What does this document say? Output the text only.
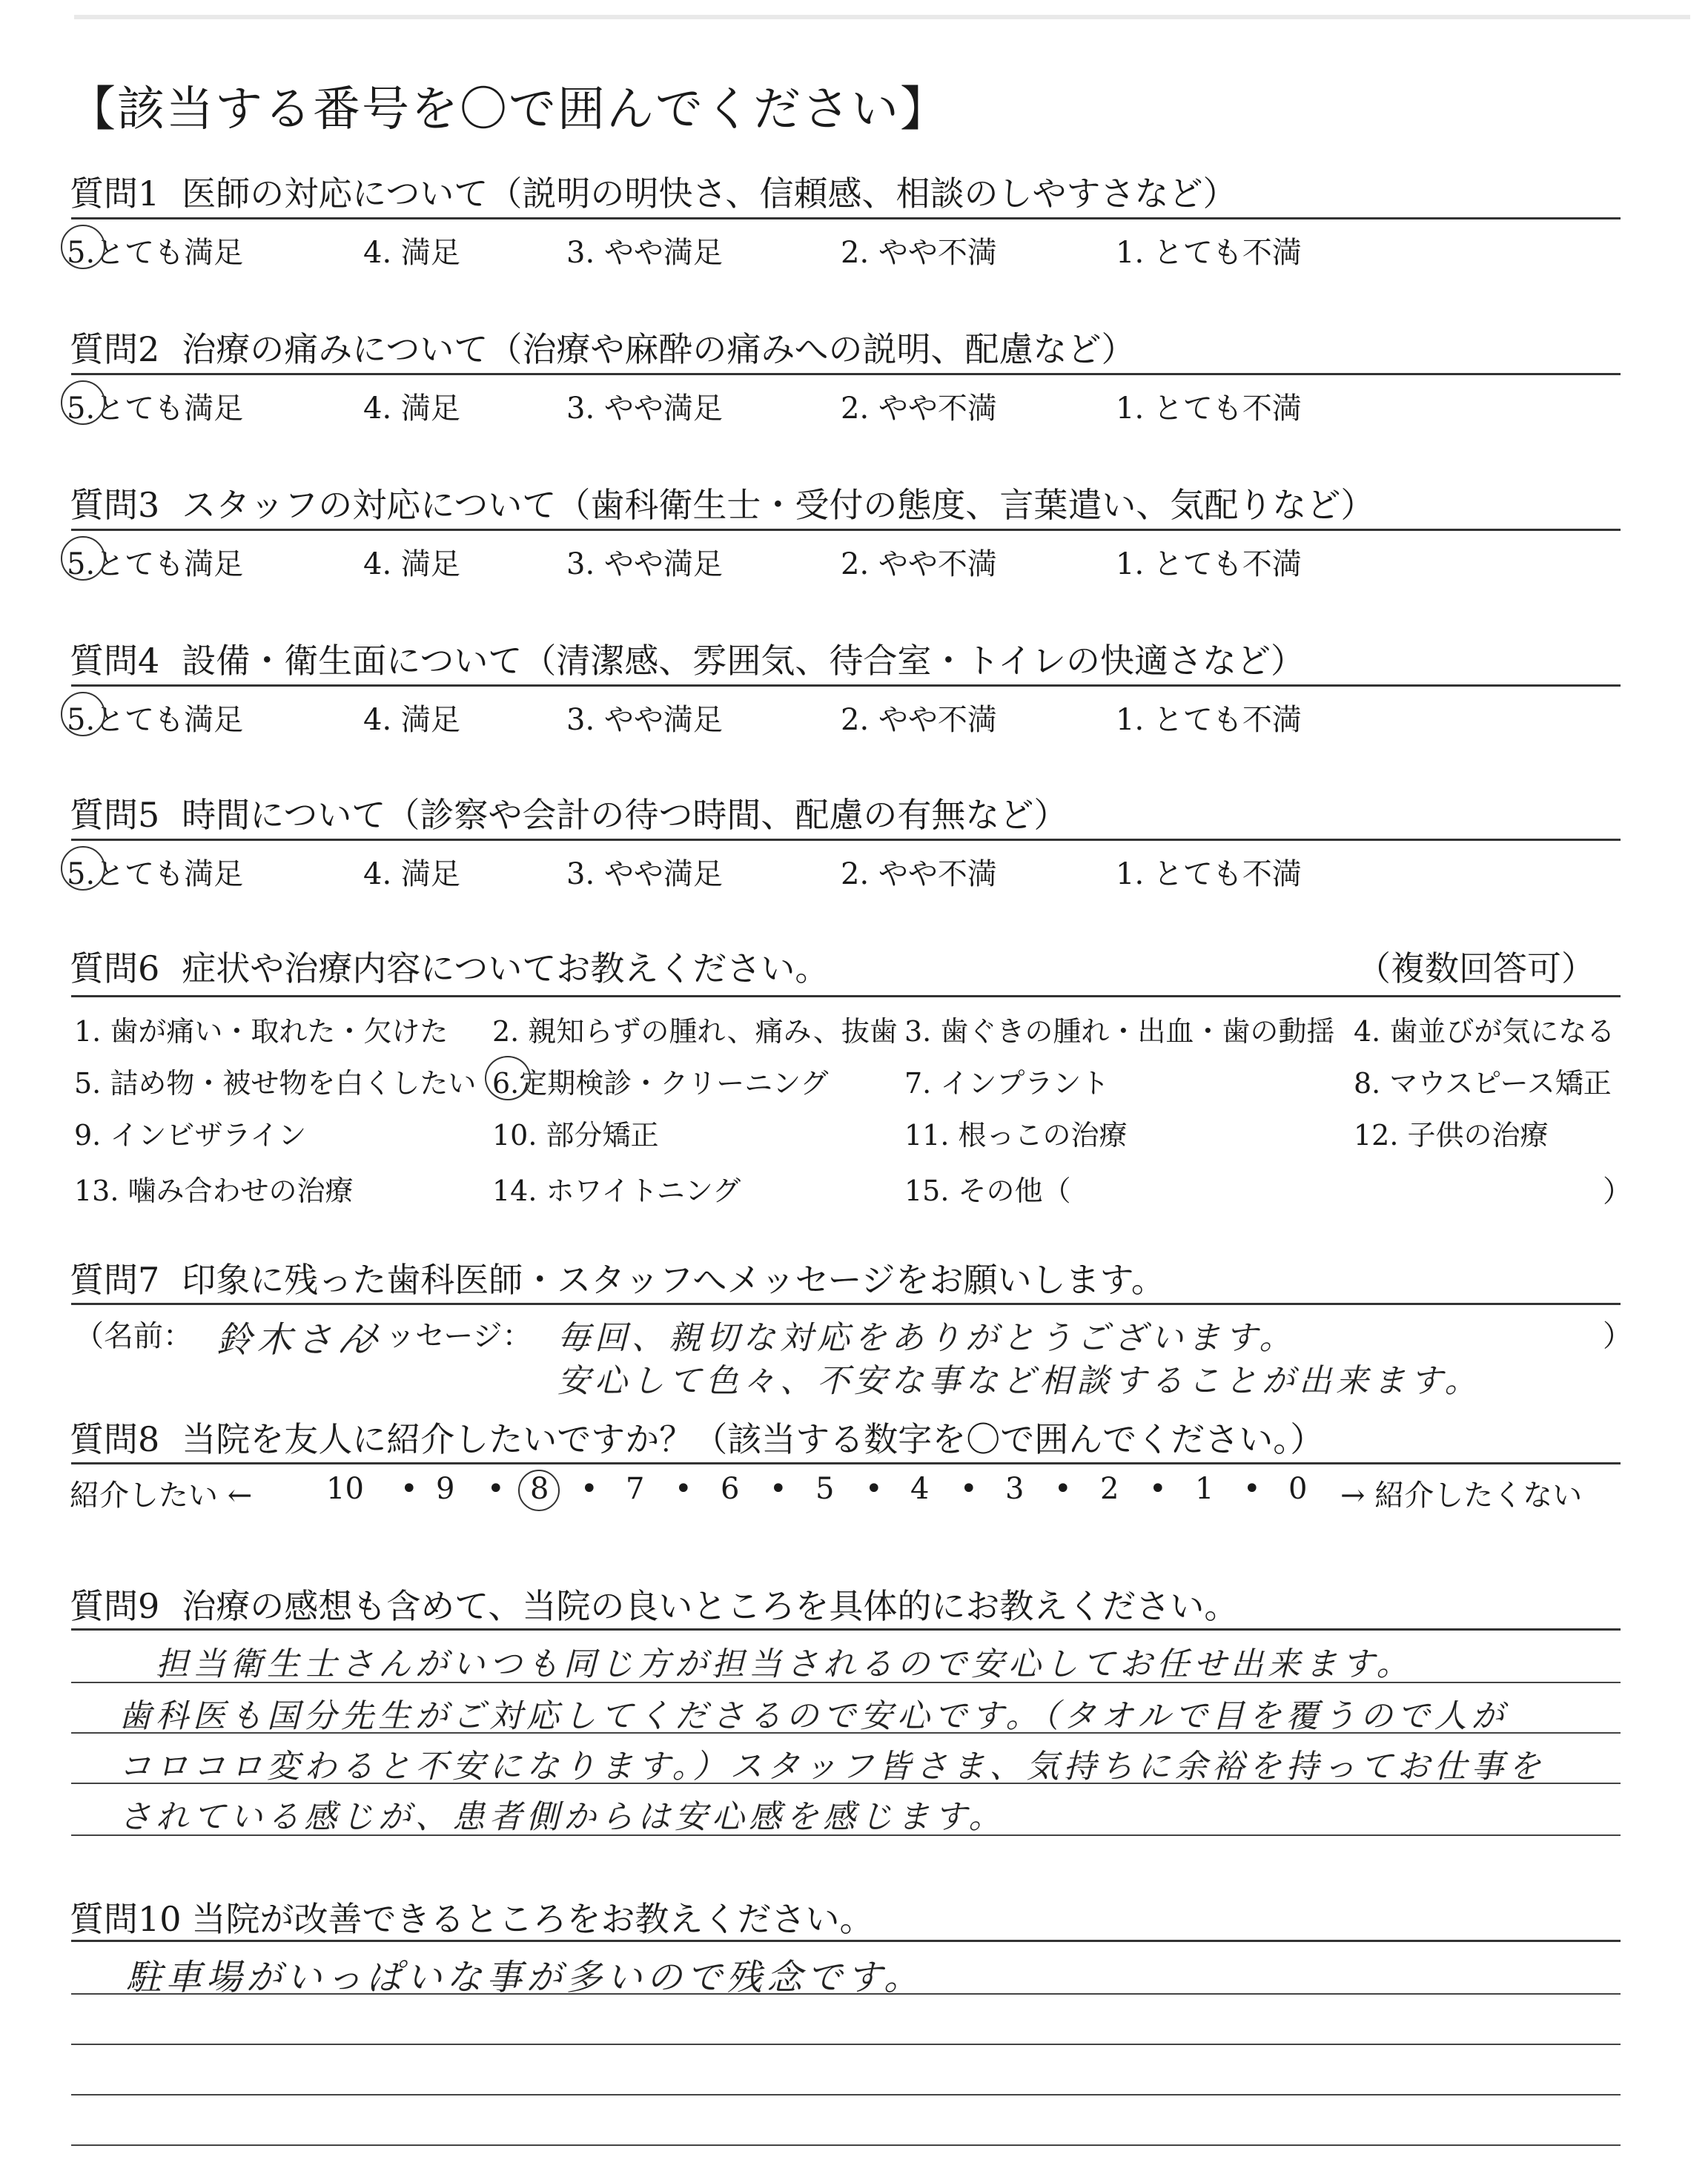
【該当する番号を〇で囲んでください】
質問1 医師の対応について（説明の明快さ、信頼感、相談のしやすさなど）
5.とても満足	4. 満足	3. やや満足	2. やや不満	1. とても不満
質問2 治療の痛みについて（治療や麻酔の痛みへの説明、配慮など）
5.とても満足	4. 満足	3. やや満足	2. やや不満	1. とても不満
質問3 スタッフの対応について（歯科衛生士・受付の態度、言葉遣い、気配りなど）
5.とても満足	4. 満足	3. やや満足	2. やや不満	1. とても不満
質問4 設備・衛生面について（清潔感、雰囲気、待合室・トイレの快適さなど）
5.とても満足	4. 満足	3. やや満足	2. やや不満	1. とても不満
質問5 時間について（診察や会計の待つ時間、配慮の有無など）
5.とても満足	4. 満足	3. やや満足	2. やや不満	1. とても不満
質問6 症状や治療内容についてお教えください。	（複数回答可）
1. 歯が痛い・取れた・欠けた 2. 親知らずの腫れ、痛み、抜歯 3. 歯ぐきの腫れ・出血・歯の動揺 4. 歯並びが気になる
5. 詰め物・被せ物を白くしたい 6.定期検診・クリーニング	7. インプラント	8. マウスピース矯正
9. インビザライン	10. 部分矯正	11. 根っこの治療	12. 子供の治療
13. 噛み合わせの治療	14. ホワイトニング	15. その他（	）
質問7 印象に残った歯科医師・スタッフへメッセージをお願いします。
（名前： 鈴木さん
メッセージ： 毎回、親切な対応をありがとうございます。
安心して色々、不安な事など相談することが出来ます。
）
質問8 当院を友人に紹介したいですか？（該当する数字を〇で囲んでください。）
紹介したい ← 10 9	8	7	6	5	4	3	2	1	0
• •	•	•	•	•	•	•	•	•	→ 紹介したくない
質問9 治療の感想も含めて、当院の良いところを具体的にお教えください。
担当衛生士さんがいつも同じ方が担当されるので安心してお任せ出来ます。
歯科医も国分先生がご対応してくださるので安心です。（タオルで目を覆うので人が
コロコロ変わると不安になります。）スタッフ皆さま、気持ちに余裕を持ってお仕事を
されている感じが、患者側からは安心感を感じます。
質問10 当院が改善できるところをお教えください。
駐車場がいっぱいな事が多いので残念です。
